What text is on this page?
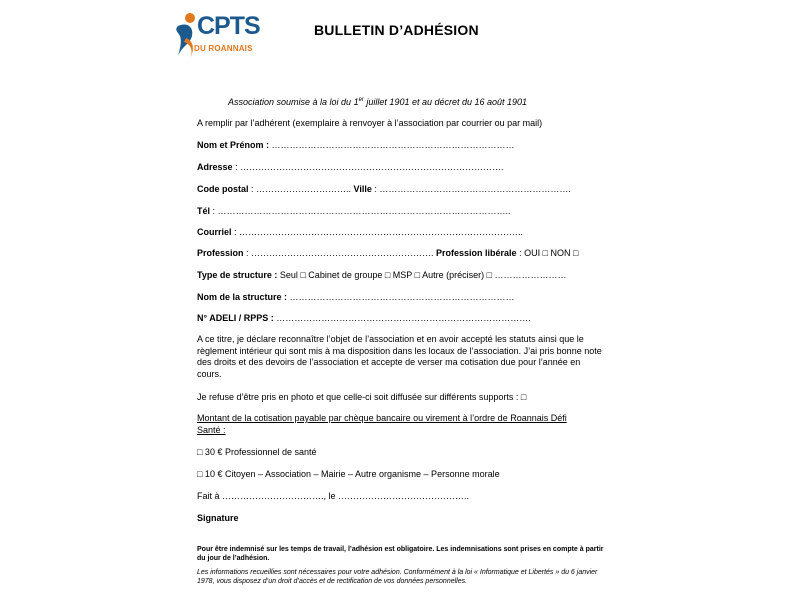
CPTS
DU ROANNAIS
BULLETIN D’ADHÉSION
Association soumise à la loi du 1er juillet 1901 et au décret du 16 août 1901
A remplir par l’adhérent (exemplaire à renvoyer à l’association par courrier ou par mail)
Nom et Prénom : ………………………………………………………………………
Adresse : …………………………………………………………………………….
Code postal : ………………………….. Ville : ……………………………………………………….
Tél : ……………………………………………………………………………………..
Courriel : …………………………………………………………………………………..
Profession : ……………………………………………………. Profession libérale : OUI □ NON □
Type de structure : Seul □ Cabinet de groupe □ MSP □ Autre (préciser) □ ……………………
Nom de la structure : …………………………………………………………………
N° ADELI / RPPS : ………………………………………………………………………….
A ce titre, je déclare reconnaître l’objet de l’association et en avoir accepté les statuts ainsi que le règlement intérieur qui sont mis à ma disposition dans les locaux de l’association. J’ai pris bonne note des droits et des devoirs de l’association et accepte de verser ma cotisation due pour l’année en cours.
Je refuse d’être pris en photo et que celle-ci soit diffusée sur différents supports : □
Montant de la cotisation payable par chèque bancaire ou virement à l’ordre de Roannais Défi Santé :
□ 30 € Professionnel de santé
□ 10 € Citoyen – Association – Mairie – Autre organisme – Personne morale
Fait à ……………………………., le ……………………………………..
Signature
Pour être indemnisé sur les temps de travail, l’adhésion est obligatoire. Les indemnisations sont prises en compte à partir du jour de l’adhésion.
Les informations recueillies sont nécessaires pour votre adhésion. Conformément à la loi « Informatique et Libertés » du 6 janvier 1978, vous disposez d’un droit d’accès et de rectification de vos données personnelles.
